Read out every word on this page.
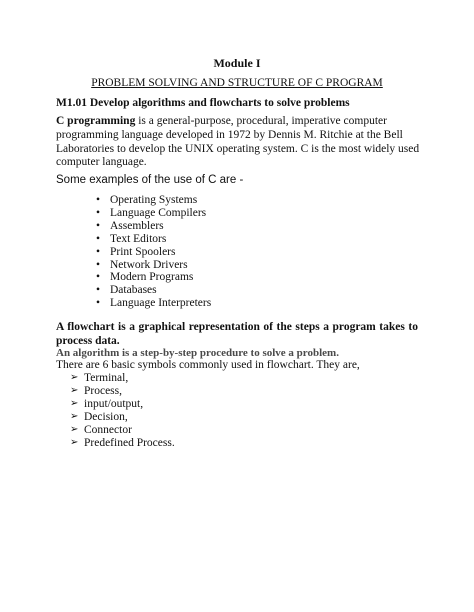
Module I
PROBLEM SOLVING AND STRUCTURE OF C PROGRAM
M1.01 Develop algorithms and flowcharts to solve problems
C programming is a general-purpose, procedural, imperative computer programming language developed in 1972 by Dennis M. Ritchie at the Bell Laboratories to develop the UNIX operating system. C is the most widely used computer language.
Some examples of the use of C are -
• Operating Systems
• Language Compilers
• Assemblers
• Text Editors
• Print Spoolers
• Network Drivers
• Modern Programs
• Databases
• Language Interpreters
A flowchart is a graphical representation of the steps a program takes to process data.
An algorithm is a step-by-step procedure to solve a problem.
There are 6 basic symbols commonly used in flowchart. They are,
➢ Terminal,
➢ Process,
➢ input/output,
➢ Decision,
➢ Connector
➢ Predefined Process.
